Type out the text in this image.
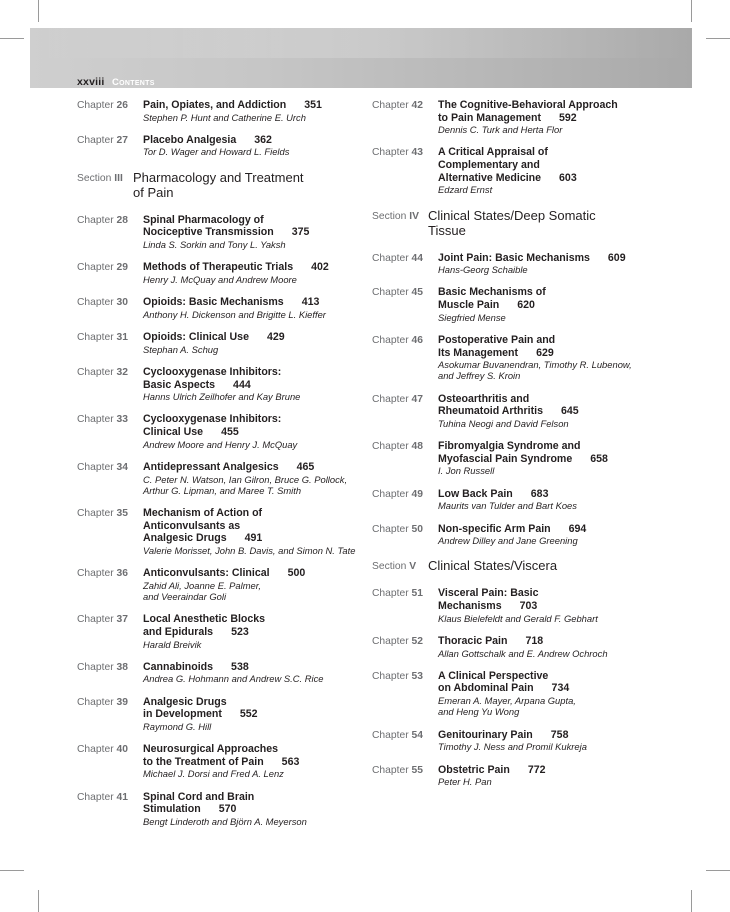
xxviii Contents
Chapter 26 Pain, Opiates, and Addiction 351
Stephen P. Hunt and Catherine E. Urch
Chapter 27 Placebo Analgesia 362
Tor D. Wager and Howard L. Fields
Section III Pharmacology and Treatment
of Pain
Chapter 28 Spinal Pharmacology of
Nociceptive Transmission 375
Linda S. Sorkin and Tony L. Yaksh
Chapter 29 Methods of Therapeutic Trials 402
Henry J. McQuay and Andrew Moore
Chapter 30 Opioids: Basic Mechanisms 413
Anthony H. Dickenson and Brigitte L. Kieffer
Chapter 31 Opioids: Clinical Use 429
Stephan A. Schug
Chapter 32 Cyclooxygenase Inhibitors:
Basic Aspects 444
Hanns Ulrich Zeilhofer and Kay Brune
Chapter 33 Cyclooxygenase Inhibitors:
Clinical Use 455
Andrew Moore and Henry J. McQuay
Chapter 34 Antidepressant Analgesics 465
C. Peter N. Watson, Ian Gilron, Bruce G. Pollock,
Arthur G. Lipman, and Maree T. Smith
Chapter 35 Mechanism of Action of
Anticonvulsants as
Analgesic Drugs 491
Valerie Morisset, John B. Davis, and Simon N. Tate
Chapter 36 Anticonvulsants: Clinical 500
Zahid Ali, Joanne E. Palmer,
and Veeraindar Goli
Chapter 37 Local Anesthetic Blocks
and Epidurals 523
Harald Breivik
Chapter 38 Cannabinoids 538
Andrea G. Hohmann and Andrew S.C. Rice
Chapter 39 Analgesic Drugs
in Development 552
Raymond G. Hill
Chapter 40 Neurosurgical Approaches
to the Treatment of Pain 563
Michael J. Dorsi and Fred A. Lenz
Chapter 41 Spinal Cord and Brain
Stimulation 570
Bengt Linderoth and Björn A. Meyerson
Chapter 42 The Cognitive-Behavioral Approach
to Pain Management 592
Dennis C. Turk and Herta Flor
Chapter 43 A Critical Appraisal of
Complementary and
Alternative Medicine 603
Edzard Ernst
Section IV Clinical States/Deep Somatic
Tissue
Chapter 44 Joint Pain: Basic Mechanisms 609
Hans-Georg Schaible
Chapter 45 Basic Mechanisms of
Muscle Pain 620
Siegfried Mense
Chapter 46 Postoperative Pain and
Its Management 629
Asokumar Buvanendran, Timothy R. Lubenow,
and Jeffrey S. Kroin
Chapter 47 Osteoarthritis and
Rheumatoid Arthritis 645
Tuhina Neogi and David Felson
Chapter 48 Fibromyalgia Syndrome and
Myofascial Pain Syndrome 658
I. Jon Russell
Chapter 49 Low Back Pain 683
Maurits van Tulder and Bart Koes
Chapter 50 Non-specific Arm Pain 694
Andrew Dilley and Jane Greening
Section V Clinical States/Viscera
Chapter 51 Visceral Pain: Basic
Mechanisms 703
Klaus Bielefeldt and Gerald F. Gebhart
Chapter 52 Thoracic Pain 718
Allan Gottschalk and E. Andrew Ochroch
Chapter 53 A Clinical Perspective
on Abdominal Pain 734
Emeran A. Mayer, Arpana Gupta,
and Heng Yu Wong
Chapter 54 Genitourinary Pain 758
Timothy J. Ness and Promil Kukreja
Chapter 55 Obstetric Pain 772
Peter H. Pan
